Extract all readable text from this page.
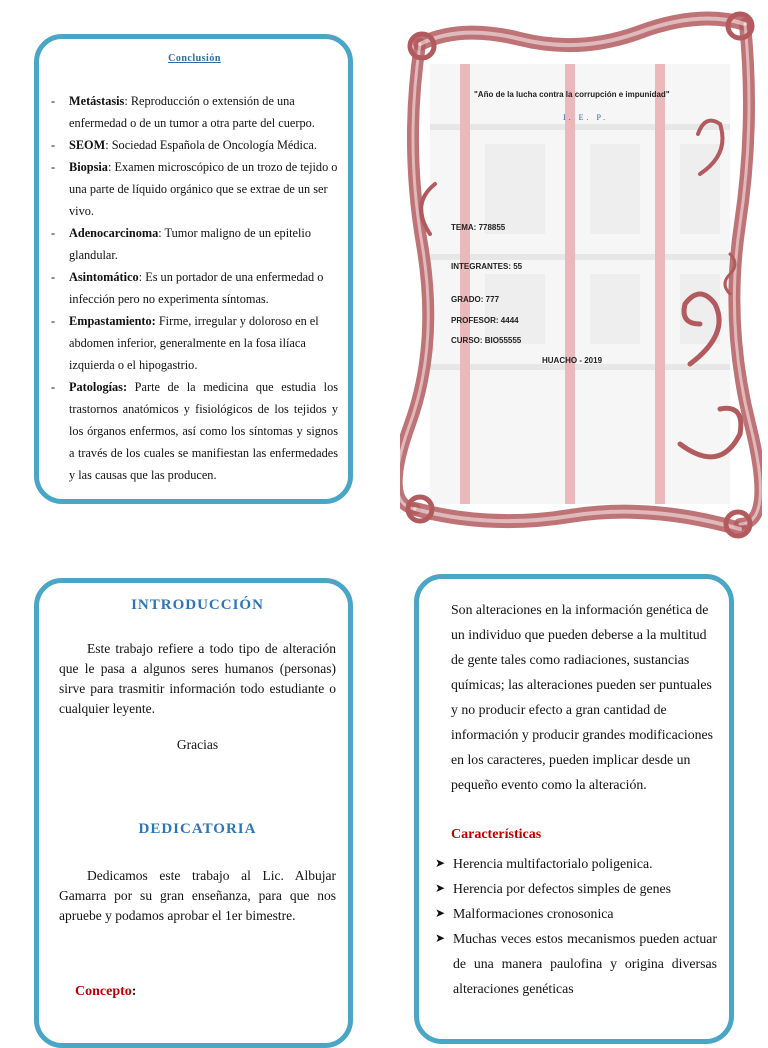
Conclusión

- Metástasis: Reproducción o extensión de una enfermedad o de un tumor a otra parte del cuerpo.
- SEOM: Sociedad Española de Oncología Médica.
- Biopsia: Examen microscópico de un trozo de tejido o una parte de líquido orgánico que se extrae de un ser vivo.
- Adenocarcinoma: Tumor maligno de un epitelio glandular.
- Asintomático: Es un portador de una enfermedad o infección pero no experimenta síntomas.
- Empastamiento: Firme, irregular y doloroso en el abdomen inferior, generalmente en la fosa ilíaca izquierda o el hipogastrio.
- Patologías: Parte de la medicina que estudia los trastornos anatómicos y fisiológicos de los tejidos y los órganos enfermos, así como los síntomas y signos a través de los cuales se manifiestan las enfermedades y las causas que las producen.
"Año de la lucha contra la corrupción e impunidad"
I. E. P.
TEMA: 778855
INTEGRANTES: 55
GRADO: 777
PROFESOR: 4444
CURSO: BIO55555
HUACHO - 2019

INTRODUCCIÓN

Este trabajo refiere a todo tipo de alteración que le pasa a algunos seres humanos (personas) sirve para trasmitir información todo estudiante o cualquier leyente.

Gracias

DEDICATORIA

Dedicamos este trabajo al Lic. Albujar Gamarra por su gran enseñanza, para que nos apruebe y podamos aprobar el 1er bimestre.

Concepto:

Son alteraciones en la información genética de un individuo que pueden deberse a la multitud de gente tales como radiaciones, sustancias químicas; las alteraciones pueden ser puntuales y no producir efecto a gran cantidad de información y producir grandes modificaciones en los caracteres, pueden implicar desde un pequeño evento como la alteración.

Características

➤ Herencia multifactorialo poligenica.
➤ Herencia por defectos simples de genes
➤ Malformaciones cronosonica
➤ Muchas veces estos mecanismos pueden actuar de una manera paulofina y origina diversas alteraciones genéticas
